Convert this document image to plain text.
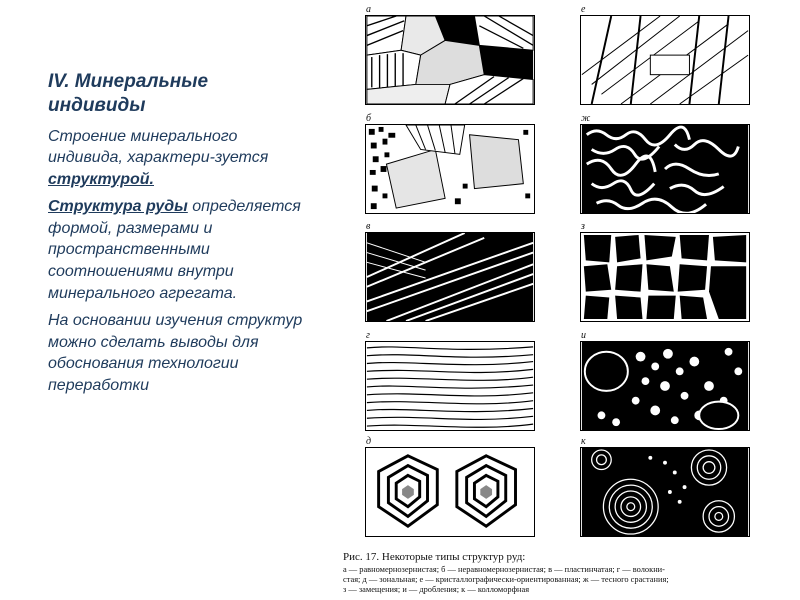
IV. Минеральные индивиды

Строение минерального индивида, характери-зуется структурой.

Структура руды определяется формой, размерами и пространственными соотношениями внутри минерального агрегата.

На основании изучения структур можно сделать выводы для обоснования технологии переработки

а
б
в
г
д
е
ж
з
и
к

Рис. 17. Некоторые типы структур руд:

а — равномернозернистая; б — неравномернозернистая; в — пластинчатая; г — волокни-

стая; д — зональная; е — кристаллографически-ориентированная; ж — тесного срастания;

з — замещения; и — дробления; к — колломорфная
